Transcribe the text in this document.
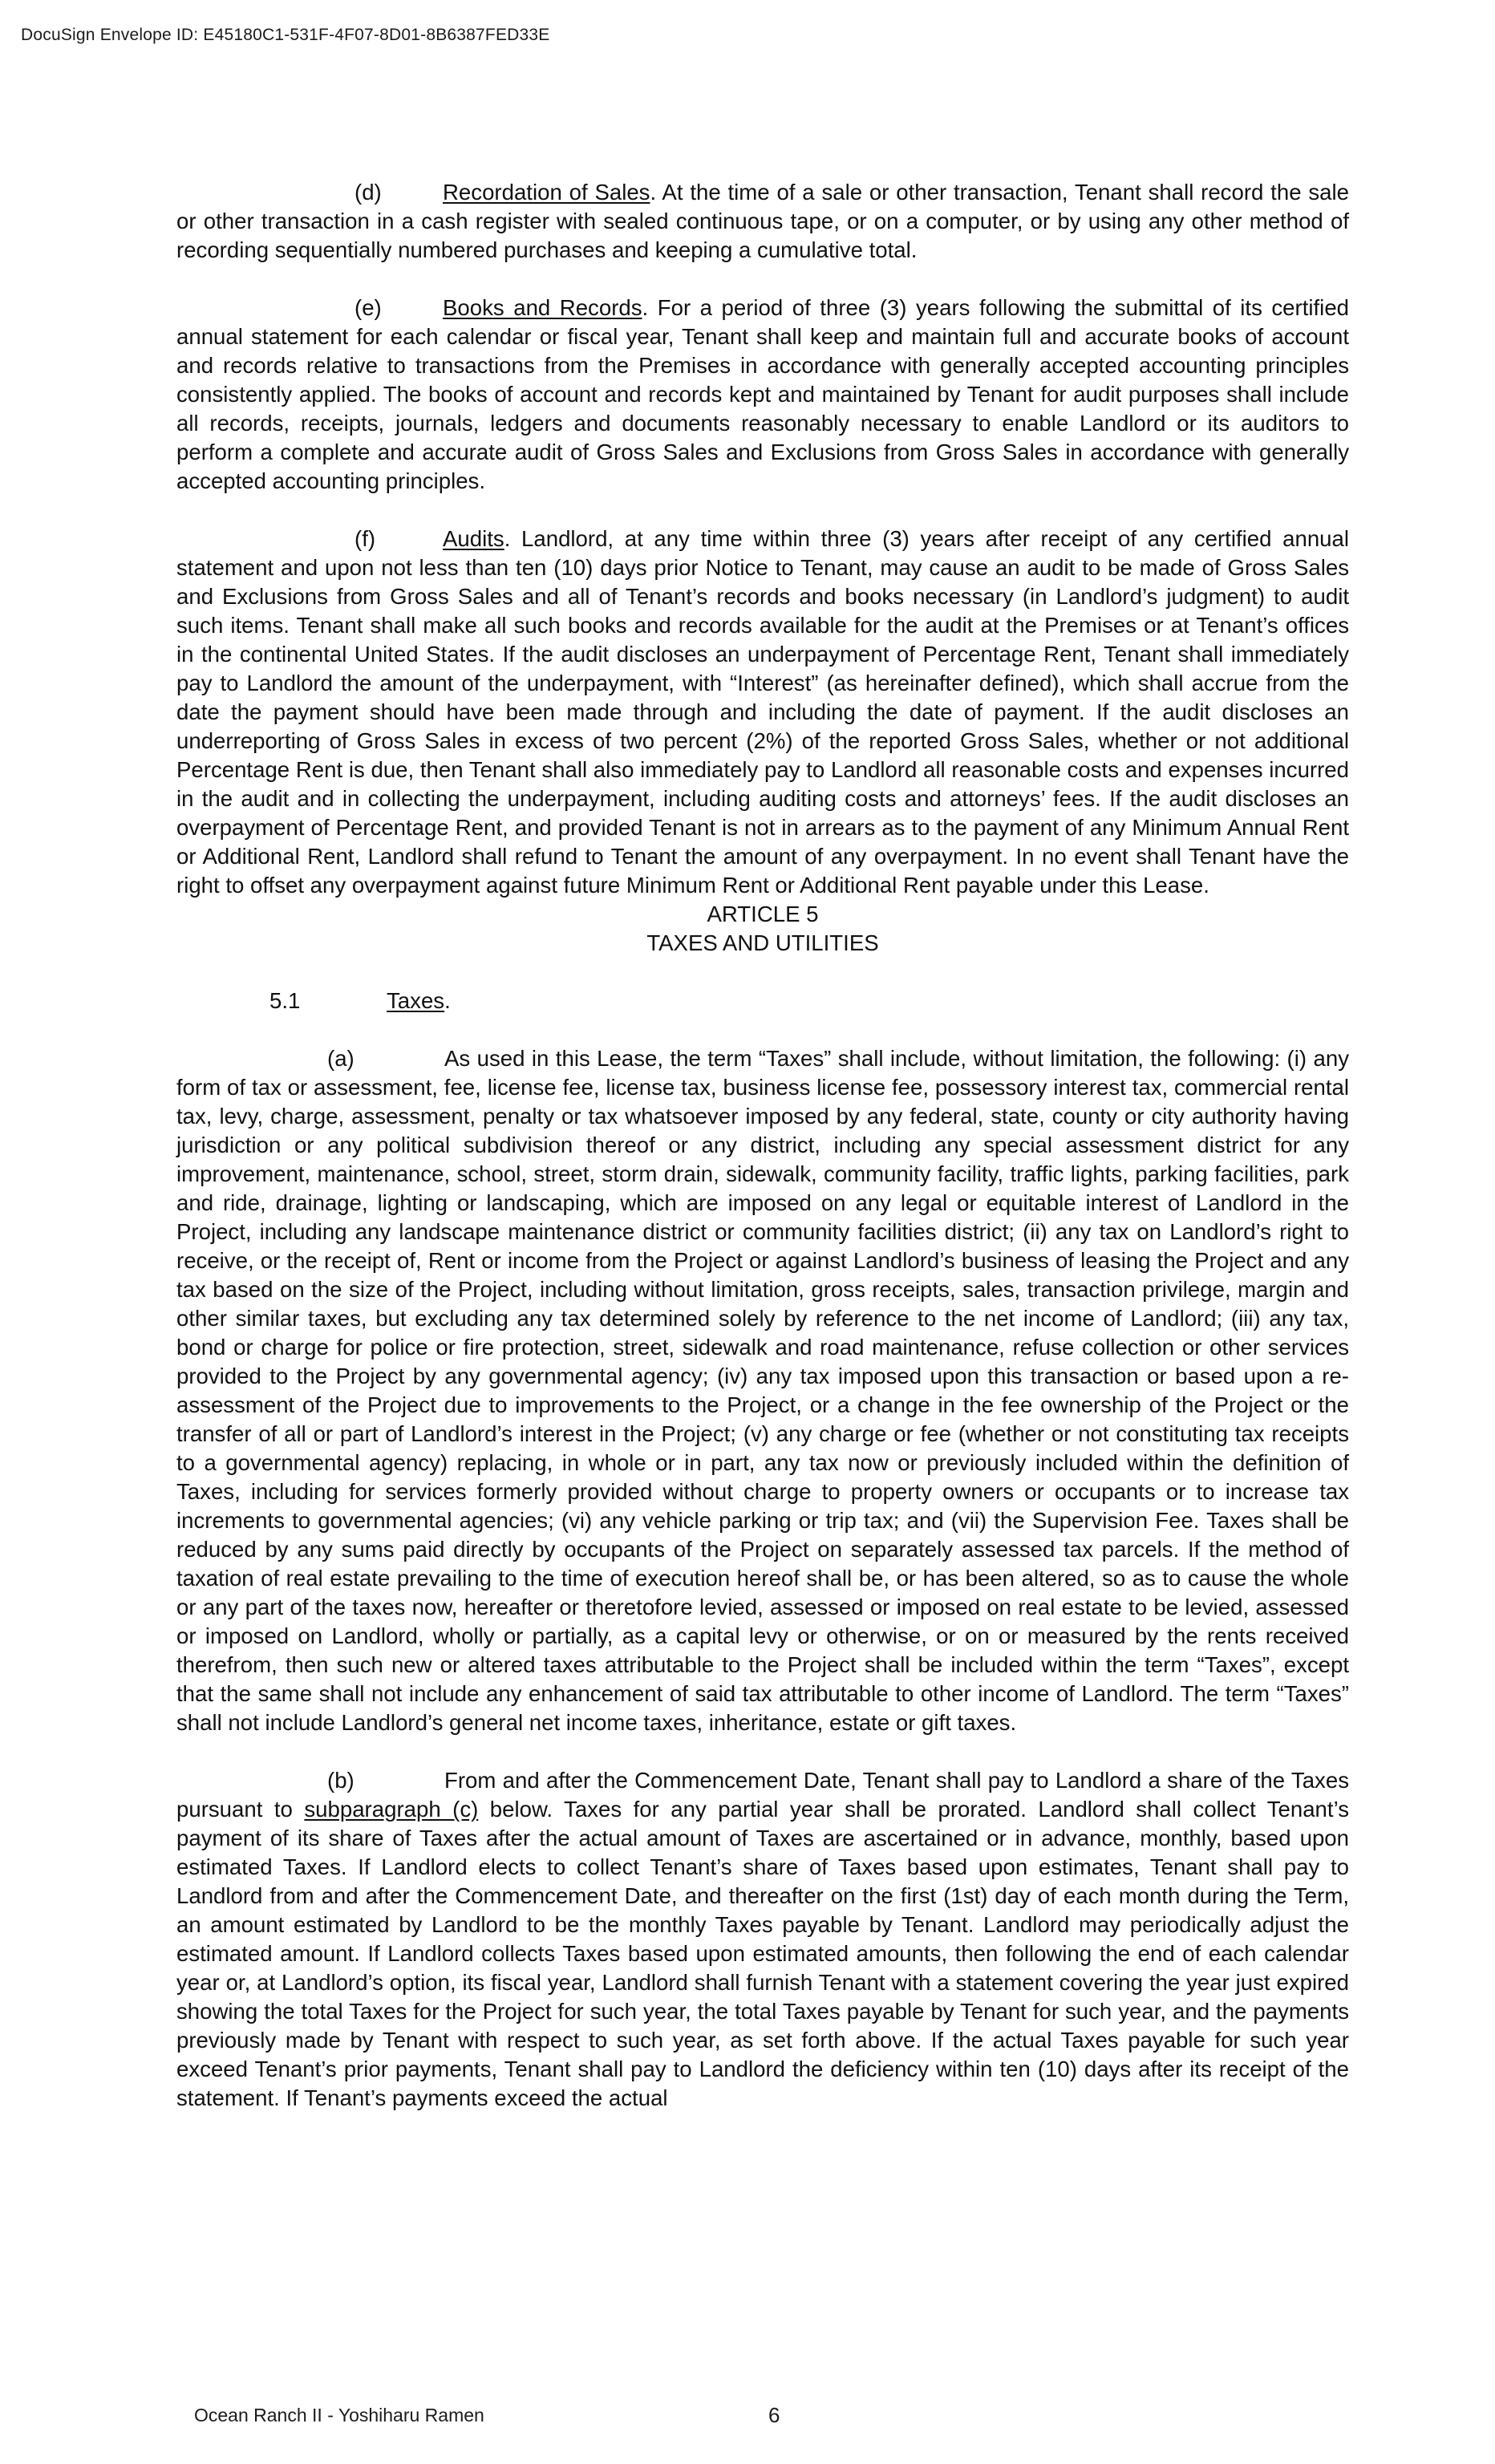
DocuSign Envelope ID: E45180C1-531F-4F07-8D01-8B6387FED33E

(d)	Recordation of Sales. At the time of a sale or other transaction, Tenant shall record the sale or other transaction in a cash register with sealed continuous tape, or on a computer, or by using any other method of recording sequentially numbered purchases and keeping a cumulative total.

(e)	Books and Records. For a period of three (3) years following the submittal of its certified annual statement for each calendar or fiscal year, Tenant shall keep and maintain full and accurate books of account and records relative to transactions from the Premises in accordance with generally accepted accounting principles consistently applied. The books of account and records kept and maintained by Tenant for audit purposes shall include all records, receipts, journals, ledgers and documents reasonably necessary to enable Landlord or its auditors to perform a complete and accurate audit of Gross Sales and Exclusions from Gross Sales in accordance with generally accepted accounting principles.

(f)	Audits. Landlord, at any time within three (3) years after receipt of any certified annual statement and upon not less than ten (10) days prior Notice to Tenant, may cause an audit to be made of Gross Sales and Exclusions from Gross Sales and all of Tenant’s records and books necessary (in Landlord’s judgment) to audit such items. Tenant shall make all such books and records available for the audit at the Premises or at Tenant’s offices in the continental United States. If the audit discloses an underpayment of Percentage Rent, Tenant shall immediately pay to Landlord the amount of the underpayment, with “Interest” (as hereinafter defined), which shall accrue from the date the payment should have been made through and including the date of payment. If the audit discloses an underreporting of Gross Sales in excess of two percent (2%) of the reported Gross Sales, whether or not additional Percentage Rent is due, then Tenant shall also immediately pay to Landlord all reasonable costs and expenses incurred in the audit and in collecting the underpayment, including auditing costs and attorneys’ fees. If the audit discloses an overpayment of Percentage Rent, and provided Tenant is not in arrears as to the payment of any Minimum Annual Rent or Additional Rent, Landlord shall refund to Tenant the amount of any overpayment. In no event shall Tenant have the right to offset any overpayment against future Minimum Rent or Additional Rent payable under this Lease.

ARTICLE 5

TAXES AND UTILITIES

5.1	Taxes.

(a)	As used in this Lease, the term “Taxes” shall include, without limitation, the following: (i) any form of tax or assessment, fee, license fee, license tax, business license fee, possessory interest tax, commercial rental tax, levy, charge, assessment, penalty or tax whatsoever imposed by any federal, state, county or city authority having jurisdiction or any political subdivision thereof or any district, including any special assessment district for any improvement, maintenance, school, street, storm drain, sidewalk, community facility, traffic lights, parking facilities, park and ride, drainage, lighting or landscaping, which are imposed on any legal or equitable interest of Landlord in the Project, including any landscape maintenance district or community facilities district; (ii) any tax on Landlord’s right to receive, or the receipt of, Rent or income from the Project or against Landlord’s business of leasing the Project and any tax based on the size of the Project, including without limitation, gross receipts, sales, transaction privilege, margin and other similar taxes, but excluding any tax determined solely by reference to the net income of Landlord; (iii) any tax, bond or charge for police or fire protection, street, sidewalk and road maintenance, refuse collection or other services provided to the Project by any governmental agency; (iv) any tax imposed upon this transaction or based upon a re-assessment of the Project due to improvements to the Project, or a change in the fee ownership of the Project or the transfer of all or part of Landlord’s interest in the Project; (v) any charge or fee (whether or not constituting tax receipts to a governmental agency) replacing, in whole or in part, any tax now or previously included within the definition of Taxes, including for services formerly provided without charge to property owners or occupants or to increase tax increments to governmental agencies; (vi) any vehicle parking or trip tax; and (vii) the Supervision Fee. Taxes shall be reduced by any sums paid directly by occupants of the Project on separately assessed tax parcels. If the method of taxation of real estate prevailing to the time of execution hereof shall be, or has been altered, so as to cause the whole or any part of the taxes now, hereafter or theretofore levied, assessed or imposed on real estate to be levied, assessed or imposed on Landlord, wholly or partially, as a capital levy or otherwise, or on or measured by the rents received therefrom, then such new or altered taxes attributable to the Project shall be included within the term “Taxes”, except that the same shall not include any enhancement of said tax attributable to other income of Landlord. The term “Taxes” shall not include Landlord’s general net income taxes, inheritance, estate or gift taxes.

(b)	From and after the Commencement Date, Tenant shall pay to Landlord a share of the Taxes pursuant to subparagraph (c) below. Taxes for any partial year shall be prorated. Landlord shall collect Tenant’s payment of its share of Taxes after the actual amount of Taxes are ascertained or in advance, monthly, based upon estimated Taxes. If Landlord elects to collect Tenant’s share of Taxes based upon estimates, Tenant shall pay to Landlord from and after the Commencement Date, and thereafter on the first (1st) day of each month during the Term, an amount estimated by Landlord to be the monthly Taxes payable by Tenant. Landlord may periodically adjust the estimated amount. If Landlord collects Taxes based upon estimated amounts, then following the end of each calendar year or, at Landlord’s option, its fiscal year, Landlord shall furnish Tenant with a statement covering the year just expired showing the total Taxes for the Project for such year, the total Taxes payable by Tenant for such year, and the payments previously made by Tenant with respect to such year, as set forth above. If the actual Taxes payable for such year exceed Tenant’s prior payments, Tenant shall pay to Landlord the deficiency within ten (10) days after its receipt of the statement. If Tenant’s payments exceed the actual

Ocean Ranch II - Yoshiharu Ramen	6
